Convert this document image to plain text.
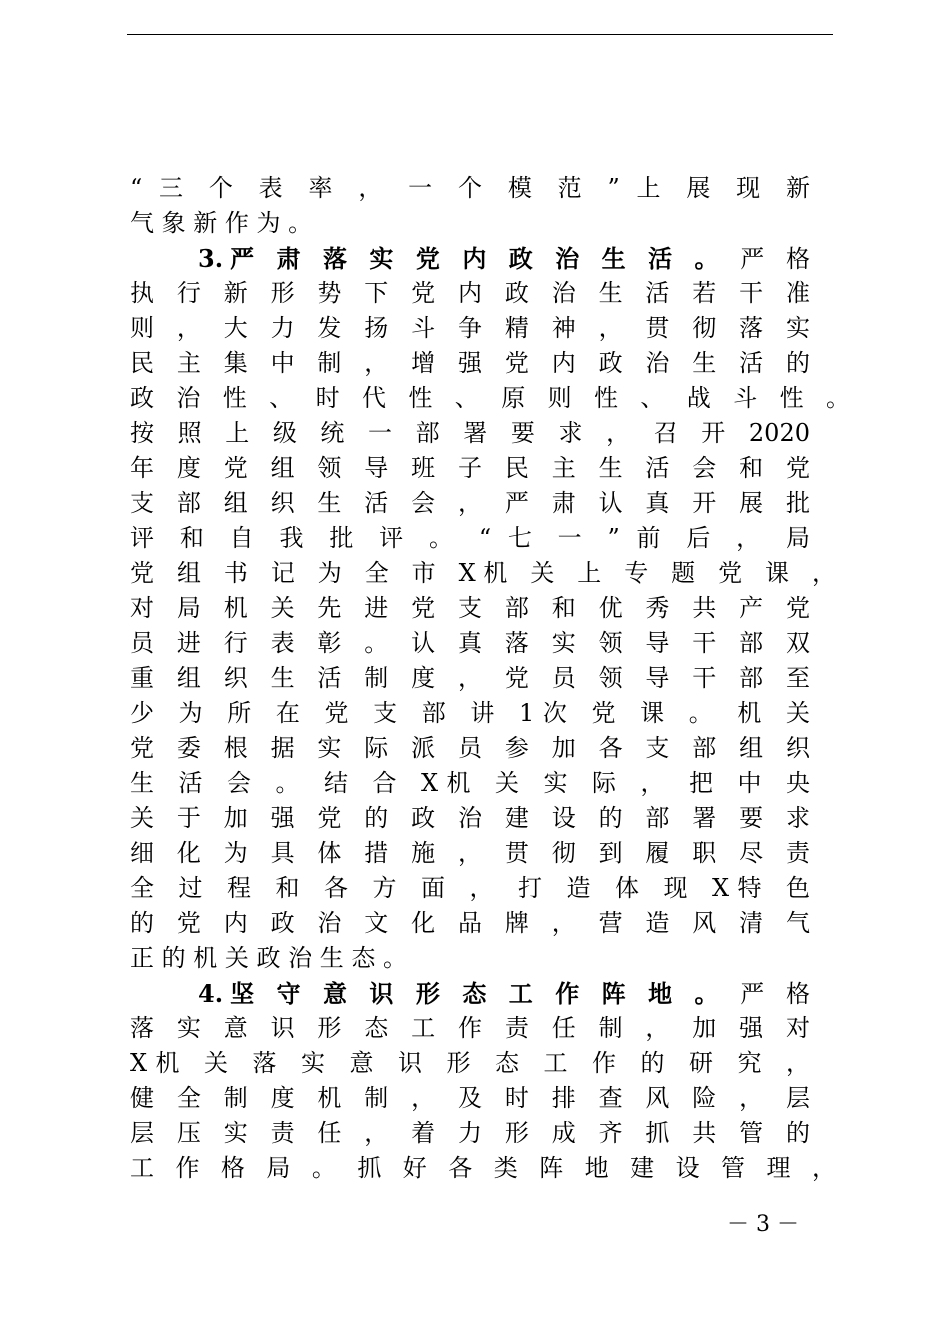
“ 三 个 表 率 ， 一 个 模 范 ” 上 展 现 新
气 象 新 作 为 。
3.严 肃 落 实 党 内 政 治 生 活 。 严 格
执 行 新 形 势 下 党 内 政 治 生 活 若 干 准
则 ， 大 力 发 扬 斗 争 精 神 ， 贯 彻 落 实
民 主 集 中 制 ， 增 强 党 内 政 治 生 活 的
政 治 性 、 时 代 性 、 原 则 性 、 战 斗 性 。
按 照 上 级 统 一 部 署 要 求 ， 召 开 2020
年 度 党 组 领 导 班 子 民 主 生 活 会 和 党
支 部 组 织 生 活 会 ， 严 肃 认 真 开 展 批
评 和 自 我 批 评 。 “ 七 一 ” 前 后 ， 局
党 组 书 记 为 全 市 X机 关 上 专 题 党 课 ，
对 局 机 关 先 进 党 支 部 和 优 秀 共 产 党
员 进 行 表 彰 。 认 真 落 实 领 导 干 部 双
重 组 织 生 活 制 度 ， 党 员 领 导 干 部 至
少 为 所 在 党 支 部 讲 1次 党 课 。 机 关
党 委 根 据 实 际 派 员 参 加 各 支 部 组 织
生 活 会 。 结 合 X机 关 实 际 ， 把 中 央
关 于 加 强 党 的 政 治 建 设 的 部 署 要 求
细 化 为 具 体 措 施 ， 贯 彻 到 履 职 尽 责
全 过 程 和 各 方 面 ， 打 造 体 现 X特 色
的 党 内 政 治 文 化 品 牌 ， 营 造 风 清 气
正 的 机 关 政 治 生 态 。
4.坚 守 意 识 形 态 工 作 阵 地 。 严 格
落 实 意 识 形 态 工 作 责 任 制 ， 加 强 对
X机 关 落 实 意 识 形 态 工 作 的 研 究 ，
健 全 制 度 机 制 ， 及 时 排 查 风 险 ， 层
层 压 实 责 任 ， 着 力 形 成 齐 抓 共 管 的
工 作 格 局 。 抓 好 各 类 阵 地 建 设 管 理 ，
－ 3 －
